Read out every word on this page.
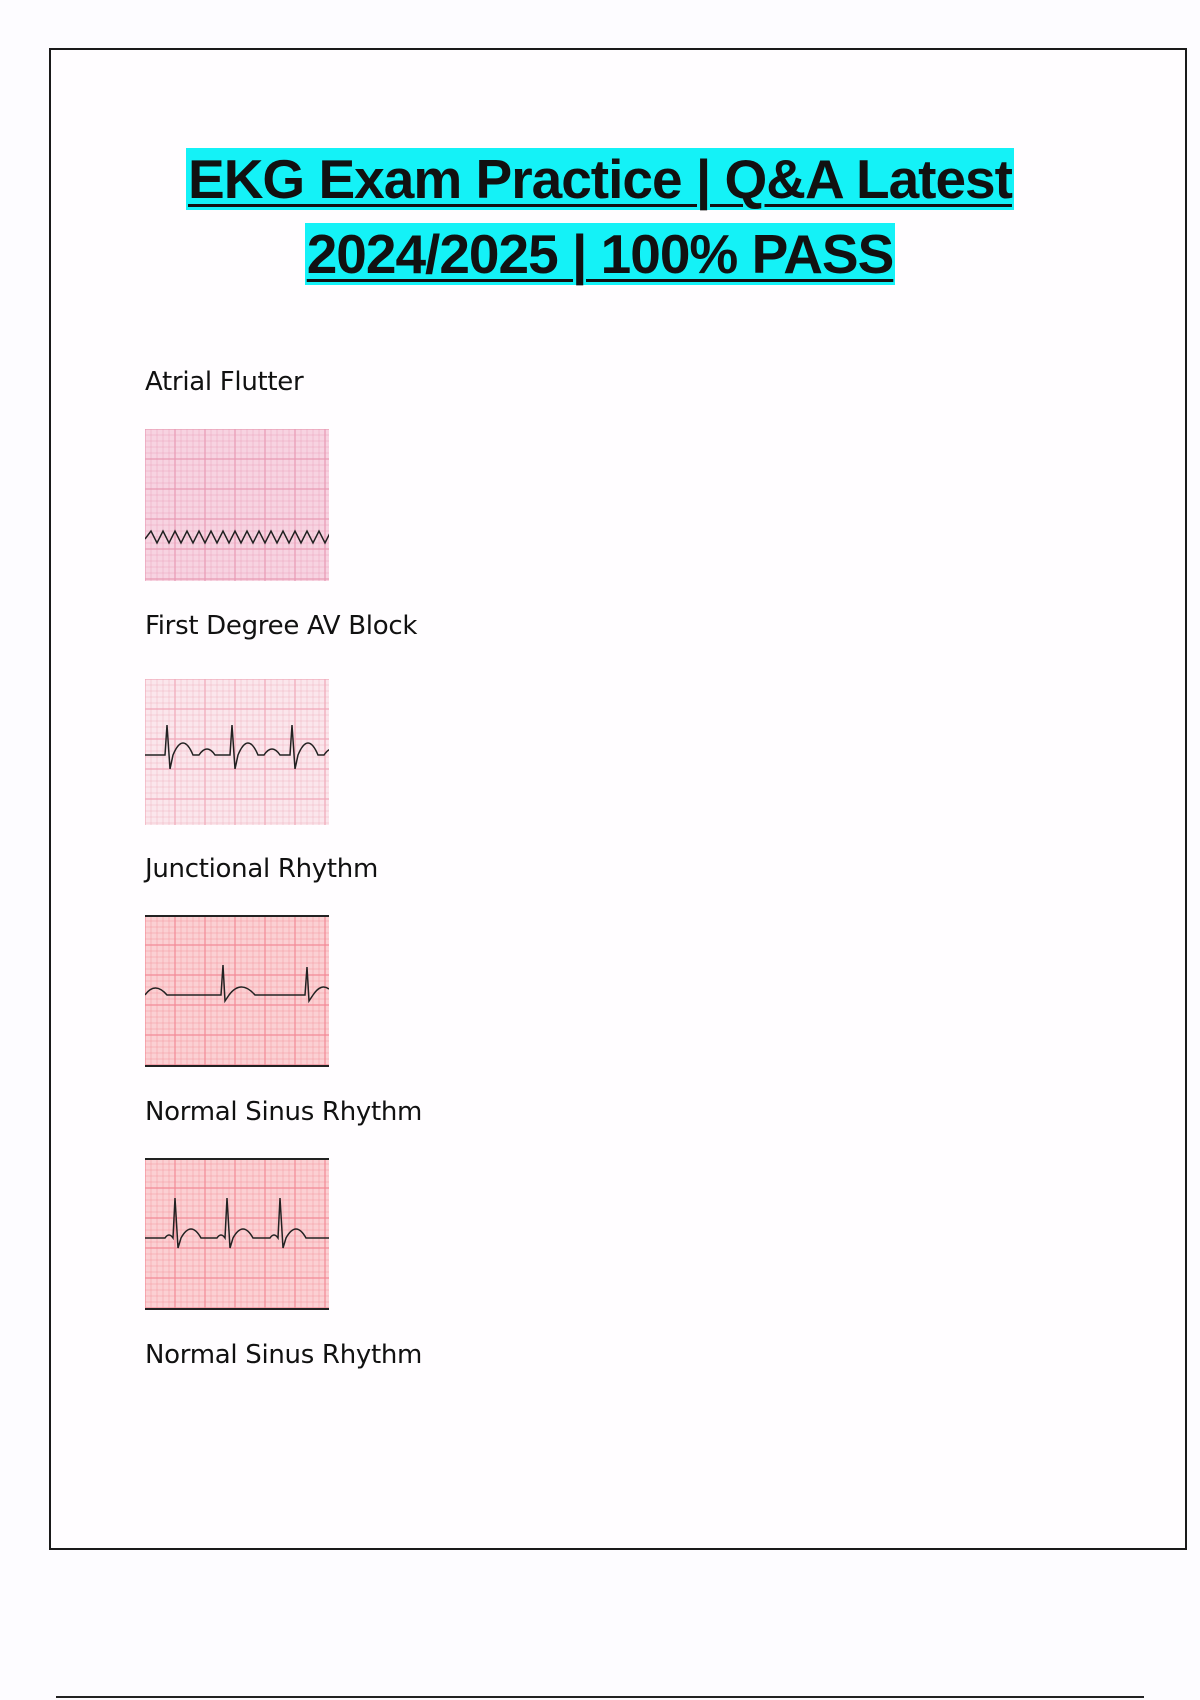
EKG Exam Practice | Q&A Latest
2024/2025 | 100% PASS
Atrial Flutter
First Degree AV Block
Junctional Rhythm
Normal Sinus Rhythm
Normal Sinus Rhythm
